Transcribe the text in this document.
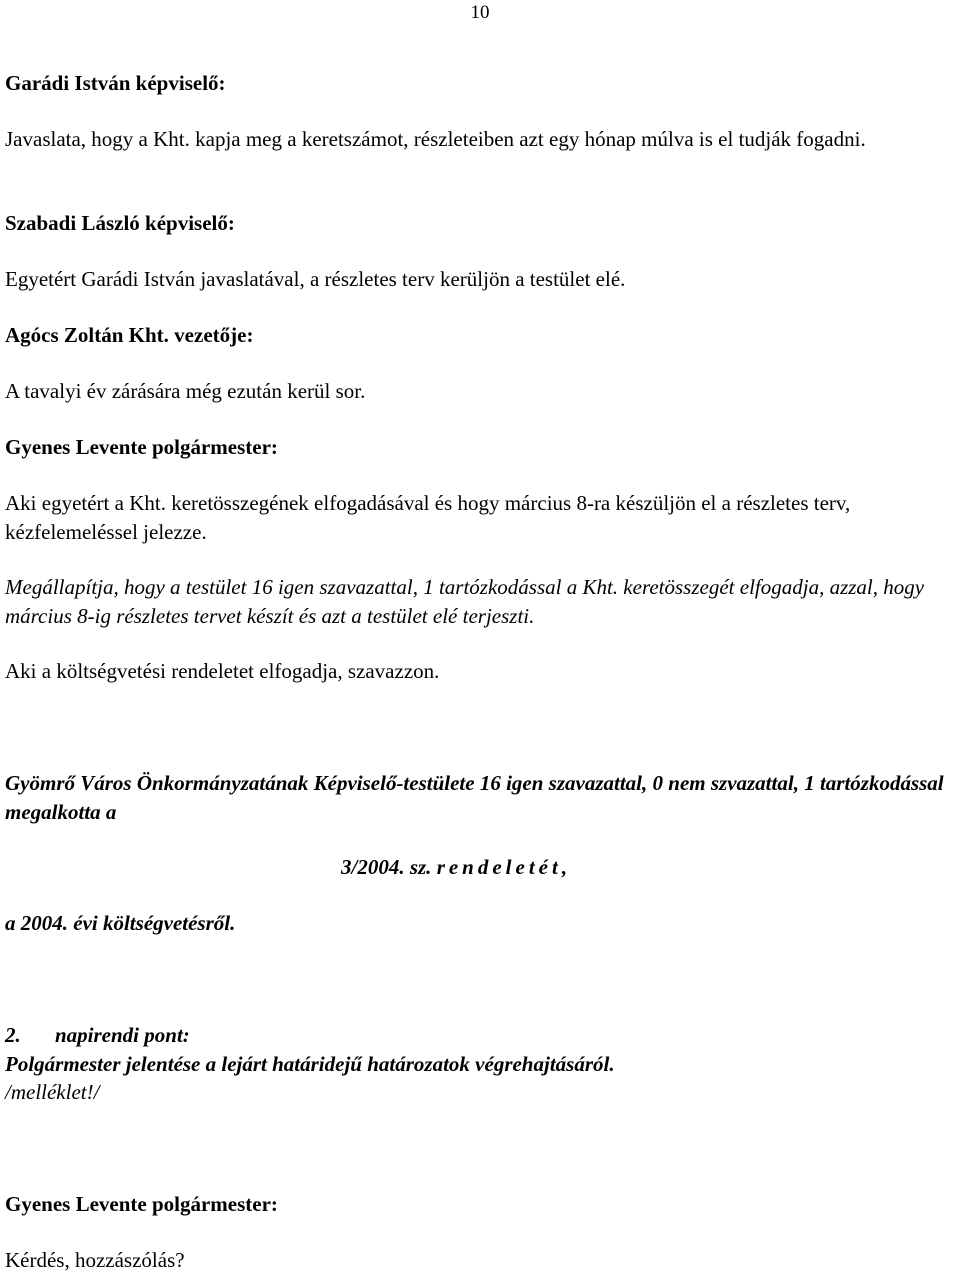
10

Garádi István képviselő:

Javaslata, hogy a Kht. kapja meg a keretszámot, részleteiben azt egy hónap múlva is el tudják fogadni.

Szabadi László képviselő:

Egyetért Garádi István javaslatával, a részletes terv kerüljön a testület elé.

Agócs Zoltán Kht. vezetője:

A tavalyi év zárására még ezután kerül sor.

Gyenes Levente polgármester:

Aki egyetért a Kht. keretösszegének elfogadásával és hogy március 8-ra készüljön el a részletes terv, kézfelemeléssel jelezze.

Megállapítja, hogy a testület 16 igen szavazattal, 1 tartózkodással a Kht. keretösszegét elfogadja, azzal, hogy március 8-ig részletes tervet készít és azt a testület elé terjeszti.

Aki a költségvetési rendeletet elfogadja, szavazzon.

Gyömrő Város Önkormányzatának Képviselő-testülete 16 igen szavazattal, 0 nem szvazattal, 1 tartózkodással megalkotta a

3/2004. sz. rendeletét,

a 2004. évi költségvetésről.

2. napirendi pont:

Polgármester jelentése a lejárt határidejű határozatok végrehajtásáról.

/melléklet!/

Gyenes Levente polgármester:

Kérdés, hozzászólás?
